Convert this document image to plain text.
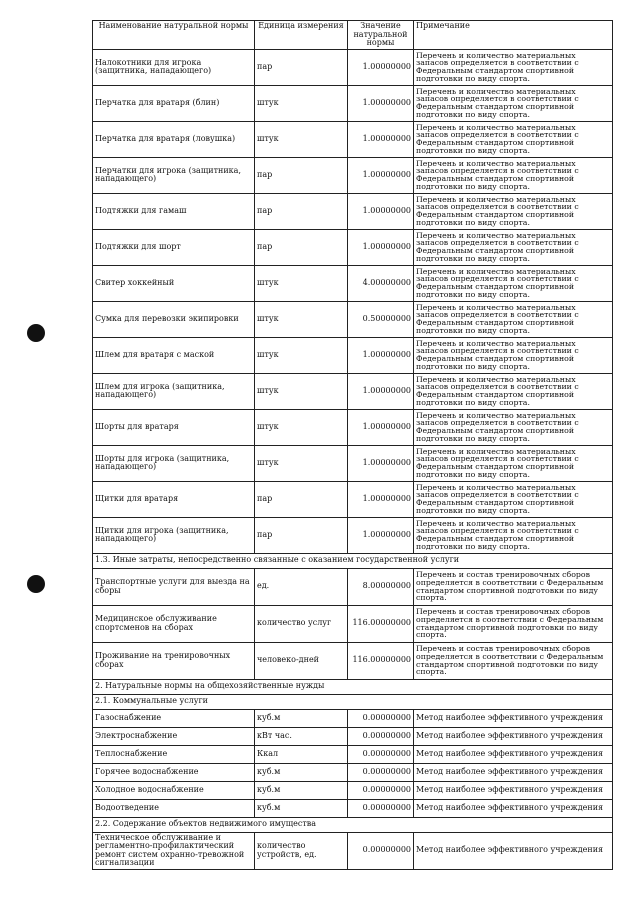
Наименование натуральной нормы	Единица измерения	Значение натуральной нормы	Примечание
Налокотники для игрока (защитника, нападающего)	пар	1.00000000	Перечень и количество материальных запасов определяется в соответствии с Федеральным стандартом спортивной подготовки по виду спорта.
Перчатка для вратаря (блин)	штук	1.00000000	Перечень и количество материальных запасов определяется в соответствии с Федеральным стандартом спортивной подготовки по виду спорта.
Перчатка для вратаря (ловушка)	штук	1.00000000	Перечень и количество материальных запасов определяется в соответствии с Федеральным стандартом спортивной подготовки по виду спорта.
Перчатки для игрока (защитника, нападающего)	пар	1.00000000	Перечень и количество материальных запасов определяется в соответствии с Федеральным стандартом спортивной подготовки по виду спорта.
Подтяжки для гамаш	пар	1.00000000	Перечень и количество материальных запасов определяется в соответствии с Федеральным стандартом спортивной подготовки по виду спорта.
Подтяжки для шорт	пар	1.00000000	Перечень и количество материальных запасов определяется в соответствии с Федеральным стандартом спортивной подготовки по виду спорта.
Свитер хоккейный	штук	4.00000000	Перечень и количество материальных запасов определяется в соответствии с Федеральным стандартом спортивной подготовки по виду спорта.
Сумка для перевозки экипировки	штук	0.50000000	Перечень и количество материальных запасов определяется в соответствии с Федеральным стандартом спортивной подготовки по виду спорта.
Шлем для вратаря с маской	штук	1.00000000	Перечень и количество материальных запасов определяется в соответствии с Федеральным стандартом спортивной подготовки по виду спорта.
Шлем для игрока (защитника, нападающего)	штук	1.00000000	Перечень и количество материальных запасов определяется в соответствии с Федеральным стандартом спортивной подготовки по виду спорта.
Шорты для вратаря	штук	1.00000000	Перечень и количество материальных запасов определяется в соответствии с Федеральным стандартом спортивной подготовки по виду спорта.
Шорты для игрока (защитника, нападающего)	штук	1.00000000	Перечень и количество материальных запасов определяется в соответствии с Федеральным стандартом спортивной подготовки по виду спорта.
Щитки для вратаря	пар	1.00000000	Перечень и количество материальных запасов определяется в соответствии с Федеральным стандартом спортивной подготовки по виду спорта.
Щитки для игрока (защитника, нападающего)	пар	1.00000000	Перечень и количество материальных запасов определяется в соответствии с Федеральным стандартом спортивной подготовки по виду спорта.
1.3. Иные затраты, непосредственно связанные с оказанием государственной услуги			
Транспортные услуги для выезда на сборы	ед.	8.00000000	Перечень и состав тренировочных сборов определяется в соответствии с Федеральным стандартом спортивной подготовки по виду спорта.
Медицинское обслуживание спортсменов на сборах	количество услуг	116.00000000	Перечень и состав тренировочных сборов определяется в соответствии с Федеральным стандартом спортивной подготовки по виду спорта.
Проживание на тренировочных сборах	человеко-дней	116.00000000	Перечень и состав тренировочных сборов определяется в соответствии с Федеральным стандартом спортивной подготовки по виду спорта.
2. Натуральные нормы на общехозяйственные нужды			
2.1. Коммунальные услуги			
Газоснабжение	куб.м	0.00000000	Метод наиболее эффективного учреждения
Электроснабжение	кВт час.	0.00000000	Метод наиболее эффективного учреждения
Теплоснабжение	Ккал	0.00000000	Метод наиболее эффективного учреждения
Горячее водоснабжение	куб.м	0.00000000	Метод наиболее эффективного учреждения
Холодное водоснабжение	куб.м	0.00000000	Метод наиболее эффективного учреждения
Водоотведение	куб.м	0.00000000	Метод наиболее эффективного учреждения
2.2. Содержание объектов недвижимого имущества			
Техническое обслуживание и регламентно-профилактический ремонт систем охранно-тревожной сигнализации	количество устройств, ед.	0.00000000	Метод наиболее эффективного учреждения
